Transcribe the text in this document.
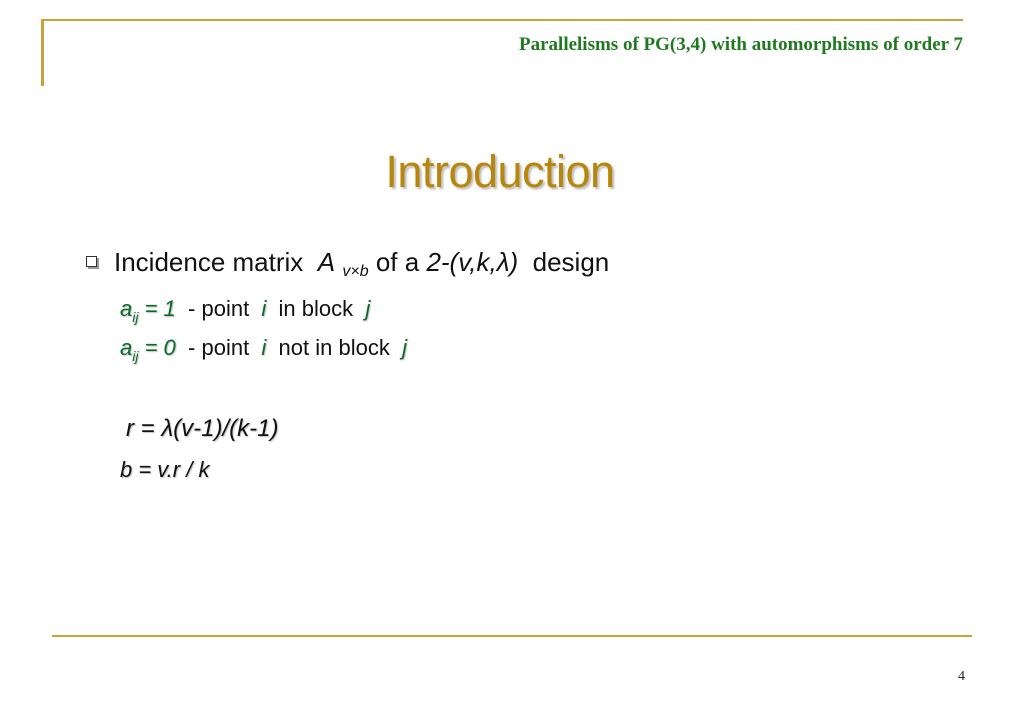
Parallelisms of PG(3,4) with automorphisms of order 7
Introduction
Incidence matrix A v×b of a 2-(v,k,λ) design
$a_{ij} = 1$ - point i in block j
$a_{ij} = 0$ - point i not in block j
r = λ(v-1)/(k-1)
b = v.r / k
4
